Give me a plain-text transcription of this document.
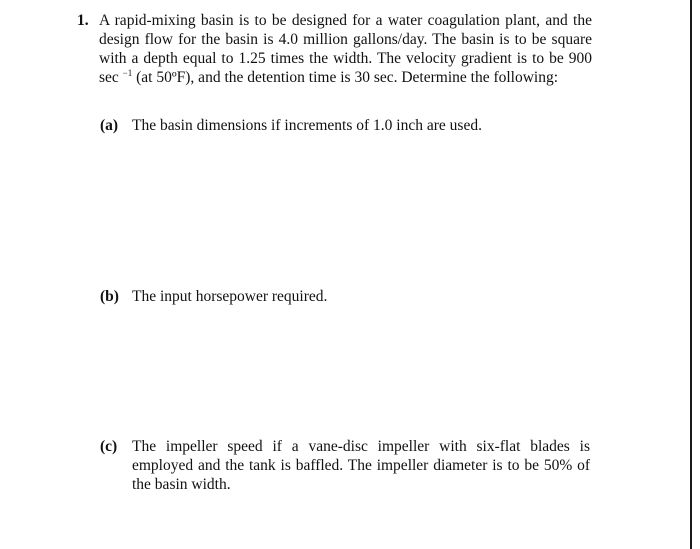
1. A rapid-mixing basin is to be designed for a water coagulation plant, and the design flow for the basin is 4.0 million gallons/day. The basin is to be square with a depth equal to 1.25 times the width. The velocity gradient is to be 900 sec $^{-1}$ (at 50ºF), and the detention time is 30 sec. Determine the following:
(a) The basin dimensions if increments of 1.0 inch are used.
(b) The input horsepower required.
(c) The impeller speed if a vane-disc impeller with six-flat blades is employed and the tank is baffled. The impeller diameter is to be 50% of the basin width.
